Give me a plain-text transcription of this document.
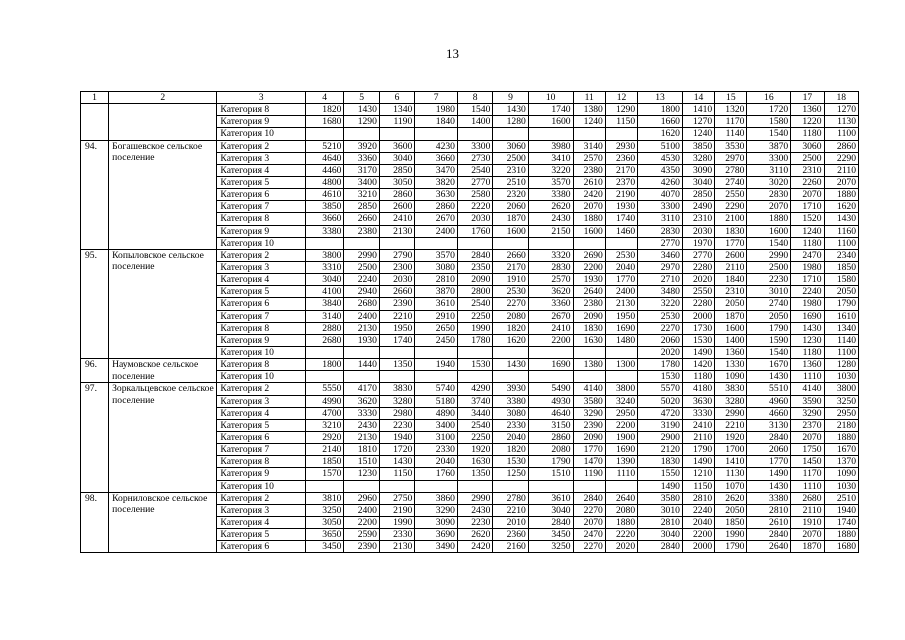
13
1	2	3	4	5	6	7	8	9	10	11	12	13	14	15	16	17	18
		Категория 8	1820	1430	1340	1980	1540	1430	1740	1380	1290	1800	1410	1320	1720	1360	1270
		Категория 9	1680	1290	1190	1840	1400	1280	1600	1240	1150	1660	1270	1170	1580	1220	1130
		Категория 10										1620	1240	1140	1540	1180	1100
94.	Богашевское сельское поселение	Категория 2	5210	3920	3600	4230	3300	3060	3980	3140	2930	5100	3850	3530	3870	3060	2860
		Категория 3	4640	3360	3040	3660	2730	2500	3410	2570	2360	4530	3280	2970	3300	2500	2290
		Категория 4	4460	3170	2850	3470	2540	2310	3220	2380	2170	4350	3090	2780	3110	2310	2110
		Категория 5	4800	3400	3050	3820	2770	2510	3570	2610	2370	4260	3040	2740	3020	2260	2070
		Категория 6	4610	3210	2860	3630	2580	2320	3380	2420	2190	4070	2850	2550	2830	2070	1880
		Категория 7	3850	2850	2600	2860	2220	2060	2620	2070	1930	3300	2490	2290	2070	1710	1620
		Категория 8	3660	2660	2410	2670	2030	1870	2430	1880	1740	3110	2310	2100	1880	1520	1430
		Категория 9	3380	2380	2130	2400	1760	1600	2150	1600	1460	2830	2030	1830	1600	1240	1160
		Категория 10										2770	1970	1770	1540	1180	1100
95.	Копыловское сельское поселение	Категория 2	3800	2990	2790	3570	2840	2660	3320	2690	2530	3460	2770	2600	2990	2470	2340
		Категория 3	3310	2500	2300	3080	2350	2170	2830	2200	2040	2970	2280	2110	2500	1980	1850
		Категория 4	3040	2240	2030	2810	2090	1910	2570	1930	1770	2710	2020	1840	2230	1710	1580
		Категория 5	4100	2940	2660	3870	2800	2530	3620	2640	2400	3480	2550	2310	3010	2240	2050
		Категория 6	3840	2680	2390	3610	2540	2270	3360	2380	2130	3220	2280	2050	2740	1980	1790
		Категория 7	3140	2400	2210	2910	2250	2080	2670	2090	1950	2530	2000	1870	2050	1690	1610
		Категория 8	2880	2130	1950	2650	1990	1820	2410	1830	1690	2270	1730	1600	1790	1430	1340
		Категория 9	2680	1930	1740	2450	1780	1620	2200	1630	1480	2060	1530	1400	1590	1230	1140
		Категория 10										2020	1490	1360	1540	1180	1100
96.	Наумовское сельское поселение	Категория 8	1800	1440	1350	1940	1530	1430	1690	1380	1300	1780	1420	1330	1670	1360	1280
		Категория 10										1530	1180	1090	1430	1110	1030
97.	Зоркальцевское сельское поселение	Категория 2	5550	4170	3830	5740	4290	3930	5490	4140	3800	5570	4180	3830	5510	4140	3800
		Категория 3	4990	3620	3280	5180	3740	3380	4930	3580	3240	5020	3630	3280	4960	3590	3250
		Категория 4	4700	3330	2980	4890	3440	3080	4640	3290	2950	4720	3330	2990	4660	3290	2950
		Категория 5	3210	2430	2230	3400	2540	2330	3150	2390	2200	3190	2410	2210	3130	2370	2180
		Категория 6	2920	2130	1940	3100	2250	2040	2860	2090	1900	2900	2110	1920	2840	2070	1880
		Категория 7	2140	1810	1720	2330	1920	1820	2080	1770	1690	2120	1790	1700	2060	1750	1670
		Категория 8	1850	1510	1430	2040	1630	1530	1790	1470	1390	1830	1490	1410	1770	1450	1370
		Категория 9	1570	1230	1150	1760	1350	1250	1510	1190	1110	1550	1210	1130	1490	1170	1090
		Категория 10										1490	1150	1070	1430	1110	1030
98.	Корниловское сельское поселение	Категория 2	3810	2960	2750	3860	2990	2780	3610	2840	2640	3580	2810	2620	3380	2680	2510
		Категория 3	3250	2400	2190	3290	2430	2210	3040	2270	2080	3010	2240	2050	2810	2110	1940
		Категория 4	3050	2200	1990	3090	2230	2010	2840	2070	1880	2810	2040	1850	2610	1910	1740
		Категория 5	3650	2590	2330	3690	2620	2360	3450	2470	2220	3040	2200	1990	2840	2070	1880
		Категория 6	3450	2390	2130	3490	2420	2160	3250	2270	2020	2840	2000	1790	2640	1870	1680
